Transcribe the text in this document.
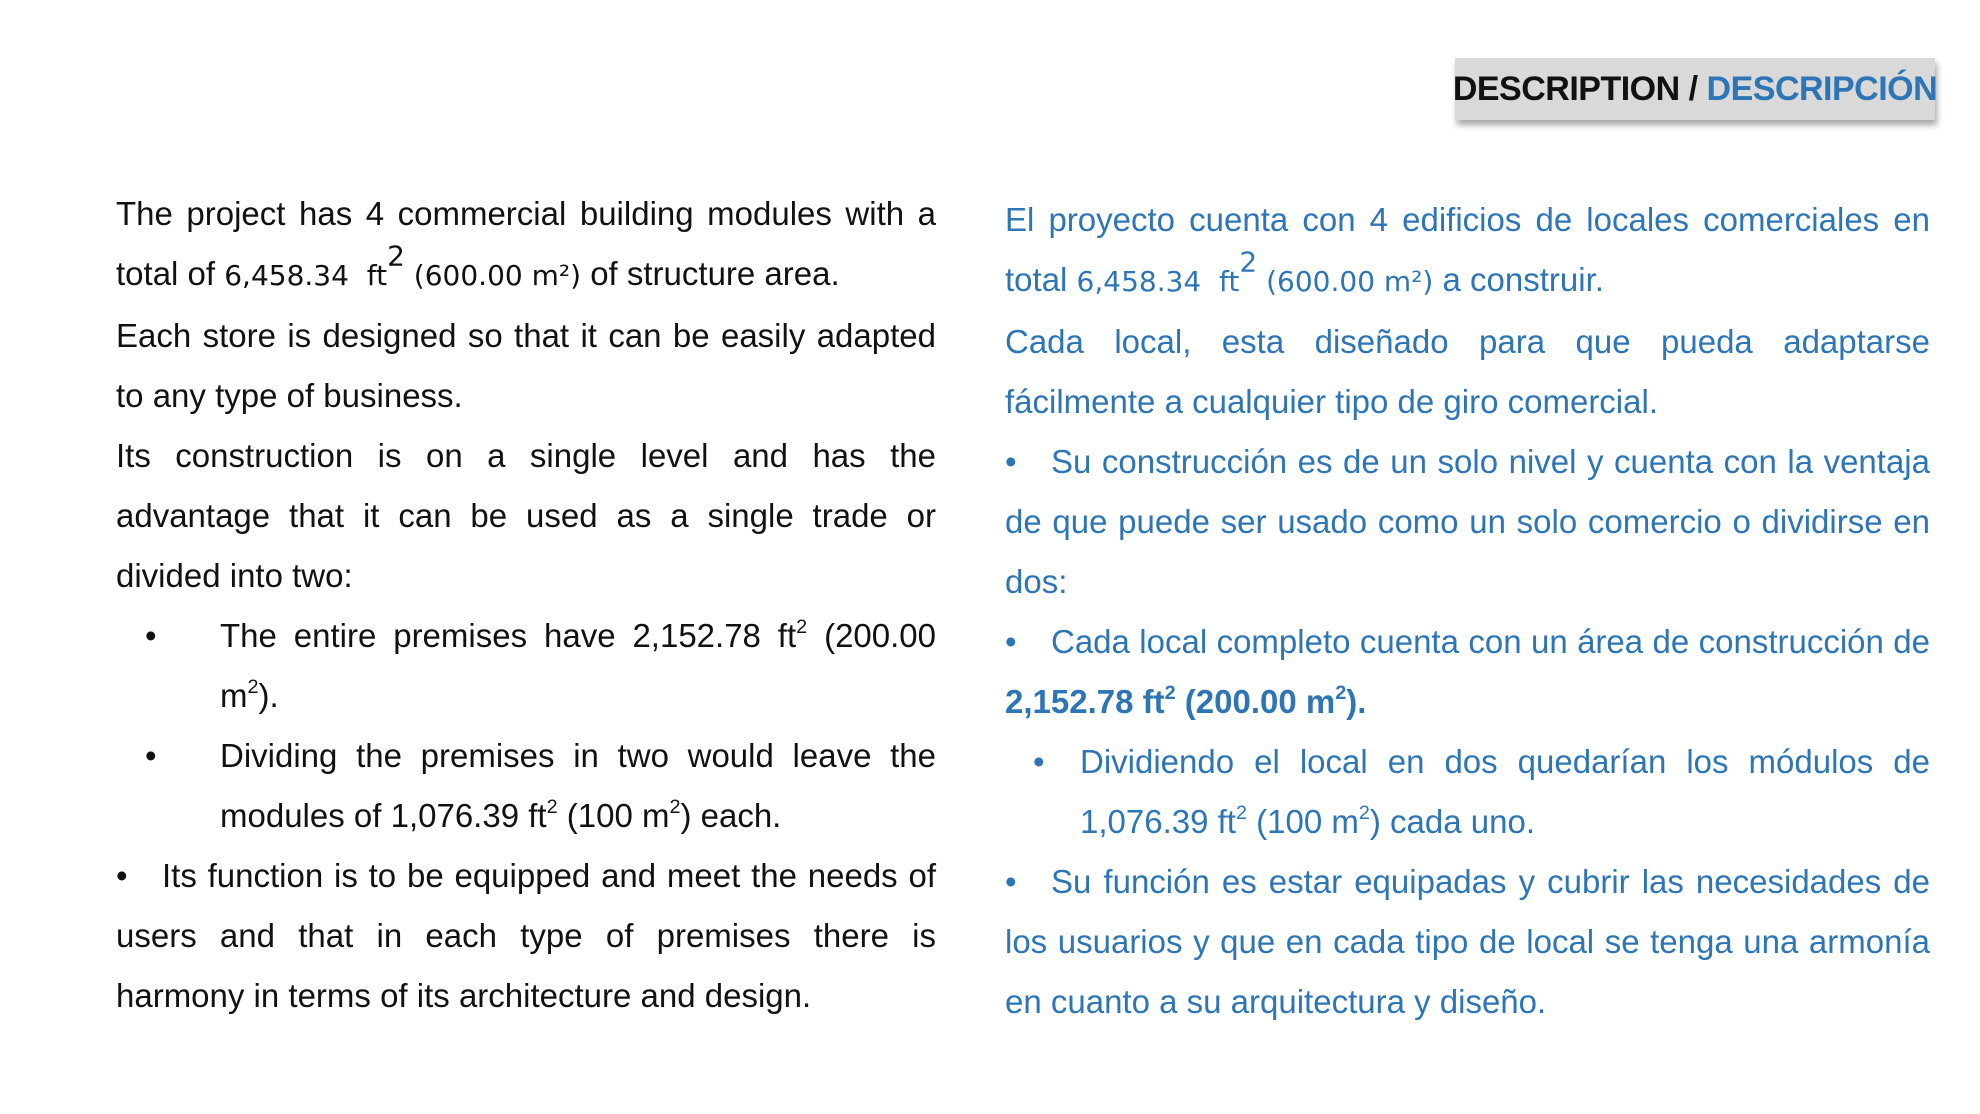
DESCRIPTION / DESCRIPCIÓN

The project has 4 commercial building modules with a total of 6,458.34  $ft^2$ (600.00 m²) of structure area.

Each store is designed so that it can be easily adapted to any type of business.

Its construction is on a single level and has the advantage that it can be used as a single trade or divided into two:

•	The entire premises have 2,152.78 $ft^2$ (200.00 $m^2$).
•	Dividing the premises in two would leave the modules of 1,076.39 $ft^2$ (100 $m^2$) each.

• Its function is to be equipped and meet the needs of users and that in each type of premises there is harmony in terms of its architecture and design.

El proyecto cuenta con 4 edificios de locales comerciales en total 6,458.34  $ft^2$ (600.00 m²) a construir.

Cada local, esta diseñado para que pueda adaptarse fácilmente a cualquier tipo de giro comercial.

• Su construcción es de un solo nivel y cuenta con la ventaja de que puede ser usado como un solo comercio o dividirse en dos:

• Cada local completo cuenta con un área de construcción de 2,152.78 $ft^2$ (200.00 $m^2$).

• Dividiendo el local en dos quedarían los módulos de 1,076.39 $ft^2$ (100 $m^2$) cada uno.

• Su función es estar equipadas y cubrir las necesidades de los usuarios y que en cada tipo de local se tenga una armonía en cuanto a su arquitectura y diseño.
